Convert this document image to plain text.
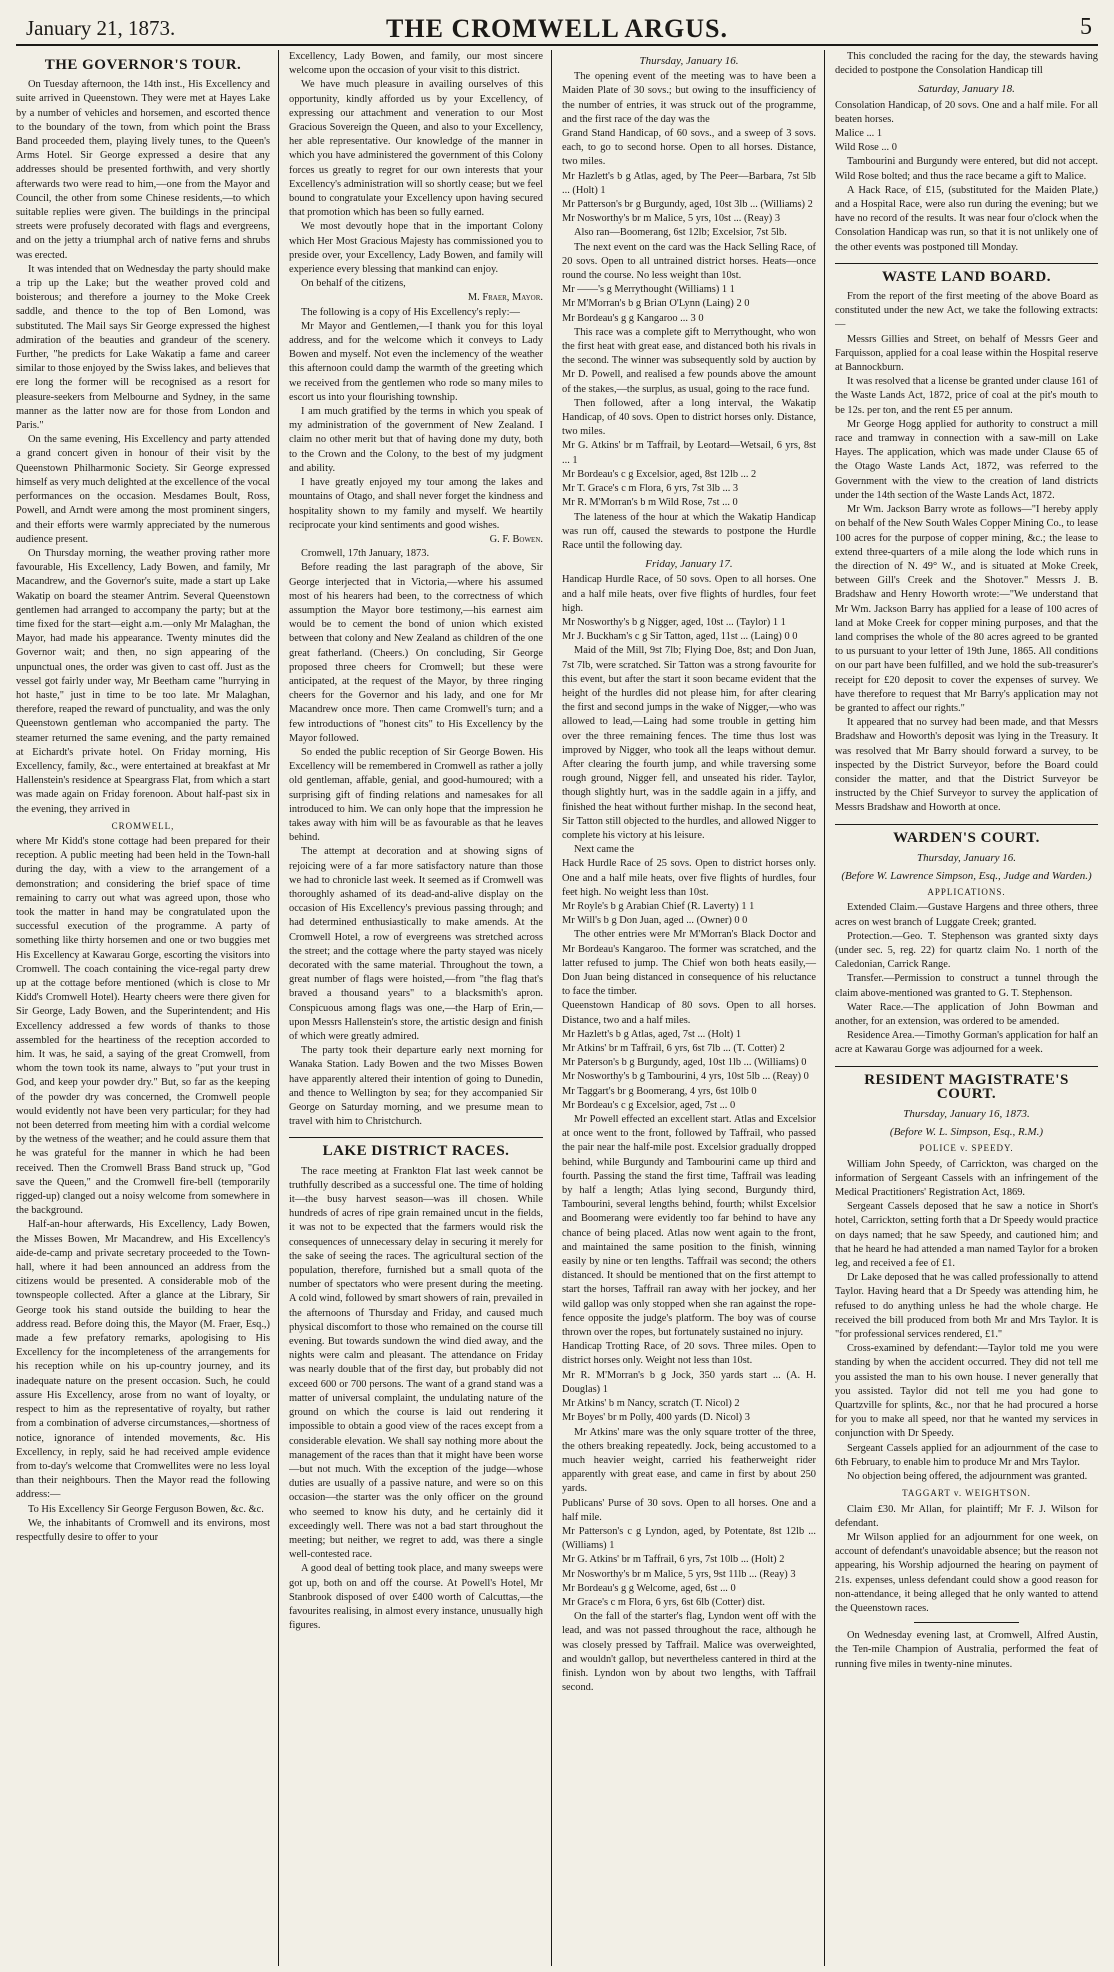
January 21, 1873.	THE CROMWELL ARGUS.	5
THE GOVERNOR'S TOUR.

On Tuesday afternoon, the 14th inst., His Excellency and suite arrived in Queenstown. They were met at Hayes Lake by a number of vehicles and horsemen, and escorted thence to the boundary of the town, from which point the Brass Band proceeded them, playing lively tunes, to the Queen's Arms Hotel. Sir George expressed a desire that any addresses should be presented forthwith, and very shortly afterwards two were read to him,—one from the Mayor and Council, the other from some Chinese residents,—to which suitable replies were given. The buildings in the principal streets were profusely decorated with flags and evergreens, and on the jetty a triumphal arch of native ferns and shrubs was erected.

It was intended that on Wednesday the party should make a trip up the Lake; but the weather proved cold and boisterous; and therefore a journey to the Moke Creek saddle, and thence to the top of Ben Lomond, was substituted. The Mail says Sir George expressed the highest admiration of the beauties and grandeur of the scenery. Further, "he predicts for Lake Wakatip a fame and career similar to those enjoyed by the Swiss lakes, and believes that ere long the former will be recognised as a resort for pleasure-seekers from Melbourne and Sydney, in the same manner as the latter now are for those from London and Paris."

On the same evening, His Excellency and party attended a grand concert given in honour of their visit by the Queenstown Philharmonic Society. Sir George expressed himself as very much delighted at the excellence of the vocal performances on the occasion. Mesdames Boult, Ross, Powell, and Arndt were among the most prominent singers, and their efforts were warmly appreciated by the numerous audience present.

On Thursday morning, the weather proving rather more favourable, His Excellency, Lady Bowen, and family, Mr Macandrew, and the Governor's suite, made a start up Lake Wakatip on board the steamer Antrim. Several Queenstown gentlemen had arranged to accompany the party; but at the time fixed for the start—eight a.m.—only Mr Malaghan, the Mayor, had made his appearance. Twenty minutes did the Governor wait; and then, no sign appearing of the unpunctual ones, the order was given to cast off. Just as the vessel got fairly under way, Mr Beetham came "hurrying in hot haste," just in time to be too late. Mr Malaghan, therefore, reaped the reward of punctuality, and was the only Queenstown gentleman who accompanied the party. The steamer returned the same evening, and the party remained at Eichardt's private hotel. On Friday morning, His Excellency, family, &c., were entertained at breakfast at Mr Hallenstein's residence at Speargrass Flat, from which a start was made again on Friday forenoon. About half-past six in the evening, they arrived in

CROMWELL,

where Mr Kidd's stone cottage had been prepared for their reception. A public meeting had been held in the Town-hall during the day, with a view to the arrangement of a demonstration; and considering the brief space of time remaining to carry out what was agreed upon, those who took the matter in hand may be congratulated upon the successful execution of the programme. A party of something like thirty horsemen and one or two buggies met His Excellency at Kawarau Gorge, escorting the visitors into Cromwell. The coach containing the vice-regal party drew up at the cottage before mentioned (which is close to Mr Kidd's Cromwell Hotel). Hearty cheers were there given for Sir George, Lady Bowen, and the Superintendent; and His Excellency addressed a few words of thanks to those assembled for the heartiness of the reception accorded to him. It was, he said, a saying of the great Cromwell, from whom the town took its name, always to "put your trust in God, and keep your powder dry." But, so far as the keeping of the powder dry was concerned, the Cromwell people would evidently not have been very particular; for they had not been deterred from meeting him with a cordial welcome by the wetness of the weather; and he could assure them that he was grateful for the manner in which he had been received. Then the Cromwell Brass Band struck up, "God save the Queen," and the Cromwell fire-bell (temporarily rigged-up) clanged out a noisy welcome from somewhere in the background.

Half-an-hour afterwards, His Excellency, Lady Bowen, the Misses Bowen, Mr Macandrew, and His Excellency's aide-de-camp and private secretary proceeded to the Town-hall, where it had been announced an address from the citizens would be presented. A considerable mob of the townspeople collected. After a glance at the Library, Sir George took his stand outside the building to hear the address read. Before doing this, the Mayor (M. Fraer, Esq.,) made a few prefatory remarks, apologising to His Excellency for the incompleteness of the arrangements for his reception while on his up-country journey, and its inadequate nature on the present occasion. Such, he could assure His Excellency, arose from no want of loyalty, or respect to him as the representative of royalty, but rather from a combination of adverse circumstances,—shortness of notice, ignorance of intended movements, &c. His Excellency, in reply, said he had received ample evidence from to-day's welcome that Cromwellites were no less loyal than their neighbours. Then the Mayor read the following address:—

To His Excellency Sir George Ferguson Bowen, &c. &c.

We, the inhabitants of Cromwell and its environs, most respectfully desire to offer to your

Excellency, Lady Bowen, and family, our most sincere welcome upon the occasion of your visit to this district.

We have much pleasure in availing ourselves of this opportunity, kindly afforded us by your Excellency, of expressing our attachment and veneration to our Most Gracious Sovereign the Queen, and also to your Excellency, her able representative. Our knowledge of the manner in which you have administered the government of this Colony forces us greatly to regret for our own interests that your Excellency's administration will so shortly cease; but we feel bound to congratulate your Excellency upon having secured that promotion which has been so fully earned.

We most devoutly hope that in the important Colony which Her Most Gracious Majesty has commissioned you to preside over, your Excellency, Lady Bowen, and family will experience every blessing that mankind can enjoy.

On behalf of the citizens,

M. Fraer, Mayor.

The following is a copy of His Excellency's reply:—

Mr Mayor and Gentlemen,—I thank you for this loyal address, and for the welcome which it conveys to Lady Bowen and myself. Not even the inclemency of the weather this afternoon could damp the warmth of the greeting which we received from the gentlemen who rode so many miles to escort us into your flourishing township.

I am much gratified by the terms in which you speak of my administration of the government of New Zealand. I claim no other merit but that of having done my duty, both to the Crown and the Colony, to the best of my judgment and ability.

I have greatly enjoyed my tour among the lakes and mountains of Otago, and shall never forget the kindness and hospitality shown to my family and myself. We heartily reciprocate your kind sentiments and good wishes.

G. F. Bowen.

Cromwell, 17th January, 1873.

Before reading the last paragraph of the above, Sir George interjected that in Victoria,—where his assumed most of his hearers had been, to the correctness of which assumption the Mayor bore testimony,—his earnest aim would be to cement the bond of union which existed between that colony and New Zealand as children of the one great fatherland. (Cheers.) On concluding, Sir George proposed three cheers for Cromwell; but these were anticipated, at the request of the Mayor, by three ringing cheers for the Governor and his lady, and one for Mr Macandrew once more. Then came Cromwell's turn; and a few introductions of "honest cits" to His Excellency by the Mayor followed.

So ended the public reception of Sir George Bowen. His Excellency will be remembered in Cromwell as rather a jolly old gentleman, affable, genial, and good-humoured; with a surprising gift of finding relations and namesakes for all introduced to him. We can only hope that the impression he takes away with him will be as favourable as that he leaves behind.

The attempt at decoration and at showing signs of rejoicing were of a far more satisfactory nature than those we had to chronicle last week. It seemed as if Cromwell was thoroughly ashamed of its dead-and-alive display on the occasion of His Excellency's previous passing through; and had determined enthusiastically to make amends. At the Cromwell Hotel, a row of evergreens was stretched across the street; and the cottage where the party stayed was nicely decorated with the same material. Throughout the town, a great number of flags were hoisted,—from "the flag that's braved a thousand years" to a blacksmith's apron. Conspicuous among flags was one,—the Harp of Erin,—upon Messrs Hallenstein's store, the artistic design and finish of which were greatly admired.

The party took their departure early next morning for Wanaka Station. Lady Bowen and the two Misses Bowen have apparently altered their intention of going to Dunedin, and thence to Wellington by sea; for they accompanied Sir George on Saturday morning, and we presume mean to travel with him to Christchurch.

LAKE DISTRICT RACES.

The race meeting at Frankton Flat last week cannot be truthfully described as a successful one. The time of holding it—the busy harvest season—was ill chosen. While hundreds of acres of ripe grain remained uncut in the fields, it was not to be expected that the farmers would risk the consequences of unnecessary delay in securing it merely for the sake of seeing the races. The agricultural section of the population, therefore, furnished but a small quota of the number of spectators who were present during the meeting. A cold wind, followed by smart showers of rain, prevailed in the afternoons of Thursday and Friday, and caused much physical discomfort to those who remained on the course till evening. But towards sundown the wind died away, and the nights were calm and pleasant. The attendance on Friday was nearly double that of the first day, but probably did not exceed 600 or 700 persons. The want of a grand stand was a matter of universal complaint, the undulating nature of the ground on which the course is laid out rendering it impossible to obtain a good view of the races except from a considerable elevation. We shall say nothing more about the management of the races than that it might have been worse—but not much. With the exception of the judge—whose duties are usually of a passive nature, and were so on this occasion—the starter was the only officer on the ground who seemed to know his duty, and he certainly did it exceedingly well. There was not a bad start throughout the meeting; but neither, we regret to add, was there a single well-contested race.

A good deal of betting took place, and many sweeps were got up, both on and off the course. At Powell's Hotel, Mr Stanbrook disposed of over £400 worth of Calcuttas,—the favourites realising, in almost every instance, unusually high figures.

Thursday, January 16.

The opening event of the meeting was to have been a Maiden Plate of 30 sovs.; but owing to the insufficiency of the number of entries, it was struck out of the programme, and the first race of the day was the

Grand Stand Handicap, of 60 sovs., and a sweep of 3 sovs. each, to go to second horse. Open to all horses. Distance, two miles.

Mr Hazlett's b g Atlas, aged, by The Peer—Barbara, 7st 5lb ... (Holt) 1

Mr Patterson's br g Burgundy, aged, 10st 3lb ... (Williams) 2

Mr Nosworthy's br m Malice, 5 yrs, 10st ... (Reay) 3

Also ran—Boomerang, 6st 12lb; Excelsior, 7st 5lb.

The next event on the card was the Hack Selling Race, of 20 sovs. Open to all untrained district horses. Heats—once round the course. No less weight than 10st.

Mr ——'s g Merrythought (Williams) 1 1

Mr M'Morran's b g Brian O'Lynn (Laing) 2 0

Mr Bordeau's g g Kangaroo ... 3 0

This race was a complete gift to Merrythought, who won the first heat with great ease, and distanced both his rivals in the second. The winner was subsequently sold by auction by Mr D. Powell, and realised a few pounds above the amount of the stakes,—the surplus, as usual, going to the race fund.

Then followed, after a long interval, the Wakatip Handicap, of 40 sovs. Open to district horses only. Distance, two miles.

Mr G. Atkins' br m Taffrail, by Leotard—Wetsail, 6 yrs, 8st ... 1

Mr Bordeau's c g Excelsior, aged, 8st 12lb ... 2

Mr T. Grace's c m Flora, 6 yrs, 7st 3lb ... 3

Mr R. M'Morran's b m Wild Rose, 7st ... 0

The lateness of the hour at which the Wakatip Handicap was run off, caused the stewards to postpone the Hurdle Race until the following day.

Friday, January 17.

Handicap Hurdle Race, of 50 sovs. Open to all horses. One and a half mile heats, over five flights of hurdles, four feet high.

Mr Nosworthy's b g Nigger, aged, 10st ... (Taylor) 1 1

Mr J. Buckham's c g Sir Tatton, aged, 11st ... (Laing) 0 0

Maid of the Mill, 9st 7lb; Flying Doe, 8st; and Don Juan, 7st 7lb, were scratched. Sir Tatton was a strong favourite for this event, but after the start it soon became evident that the height of the hurdles did not please him, for after clearing the first and second jumps in the wake of Nigger,—who was allowed to lead,—Laing had some trouble in getting him over the three remaining fences. The time thus lost was improved by Nigger, who took all the leaps without demur. After clearing the fourth jump, and while traversing some rough ground, Nigger fell, and unseated his rider. Taylor, though slightly hurt, was in the saddle again in a jiffy, and finished the heat without further mishap. In the second heat, Sir Tatton still objected to the hurdles, and allowed Nigger to complete his victory at his leisure.

Next came the

Hack Hurdle Race of 25 sovs. Open to district horses only. One and a half mile heats, over five flights of hurdles, four feet high. No weight less than 10st.

Mr Royle's b g Arabian Chief (R. Laverty) 1 1

Mr Will's b g Don Juan, aged ... (Owner) 0 0

The other entries were Mr M'Morran's Black Doctor and Mr Bordeau's Kangaroo. The former was scratched, and the latter refused to jump. The Chief won both heats easily,—Don Juan being distanced in consequence of his reluctance to face the timber.

Queenstown Handicap of 80 sovs. Open to all horses. Distance, two and a half miles.

Mr Hazlett's b g Atlas, aged, 7st ... (Holt) 1

Mr Atkins' br m Taffrail, 6 yrs, 6st 7lb ... (T. Cotter) 2

Mr Paterson's b g Burgundy, aged, 10st 1lb ... (Williams) 0

Mr Nosworthy's b g Tambourini, 4 yrs, 10st 5lb ... (Reay) 0

Mr Taggart's br g Boomerang, 4 yrs, 6st 10lb 0

Mr Bordeau's c g Excelsior, aged, 7st ... 0

Mr Powell effected an excellent start. Atlas and Excelsior at once went to the front, followed by Taffrail, who passed the pair near the half-mile post. Excelsior gradually dropped behind, while Burgundy and Tambourini came up third and fourth. Passing the stand the first time, Taffrail was leading by half a length; Atlas lying second, Burgundy third, Tambourini, several lengths behind, fourth; whilst Excelsior and Boomerang were evidently too far behind to have any chance of being placed. Atlas now went again to the front, and maintained the same position to the finish, winning easily by nine or ten lengths. Taffrail was second; the others distanced. It should be mentioned that on the first attempt to start the horses, Taffrail ran away with her jockey, and her wild gallop was only stopped when she ran against the rope-fence opposite the judge's platform. The boy was of course thrown over the ropes, but fortunately sustained no injury.

Handicap Trotting Race, of 20 sovs. Three miles. Open to district horses only. Weight not less than 10st.

Mr R. M'Morran's b g Jock, 350 yards start ... (A. H. Douglas) 1

Mr Atkins' b m Nancy, scratch (T. Nicol) 2

Mr Boyes' br m Polly, 400 yards (D. Nicol) 3

Mr Atkins' mare was the only square trotter of the three, the others breaking repeatedly. Jock, being accustomed to a much heavier weight, carried his featherweight rider apparently with great ease, and came in first by about 250 yards.

Publicans' Purse of 30 sovs. Open to all horses. One and a half mile.

Mr Patterson's c g Lyndon, aged, by Potentate, 8st 12lb ... (Williams) 1

Mr G. Atkins' br m Taffrail, 6 yrs, 7st 10lb ... (Holt) 2

Mr Nosworthy's br m Malice, 5 yrs, 9st 11lb ... (Reay) 3

Mr Bordeau's g g Welcome, aged, 6st ... 0

Mr Grace's c m Flora, 6 yrs, 6st 6lb (Cotter) dist.

On the fall of the starter's flag, Lyndon went off with the lead, and was not passed throughout the race, although he was closely pressed by Taffrail. Malice was overweighted, and wouldn't gallop, but nevertheless cantered in third at the finish. Lyndon won by about two lengths, with Taffrail second.

This concluded the racing for the day, the stewards having decided to postpone the Consolation Handicap till

Saturday, January 18.

Consolation Handicap, of 20 sovs. One and a half mile. For all beaten horses.

Malice ... 1

Wild Rose ... 0

Tambourini and Burgundy were entered, but did not accept. Wild Rose bolted; and thus the race became a gift to Malice.

A Hack Race, of £15, (substituted for the Maiden Plate,) and a Hospital Race, were also run during the evening; but we have no record of the results. It was near four o'clock when the Consolation Handicap was run, so that it is not unlikely one of the other events was postponed till Monday.

WASTE LAND BOARD.

From the report of the first meeting of the above Board as constituted under the new Act, we take the following extracts:—

Messrs Gillies and Street, on behalf of Messrs Geer and Farquisson, applied for a coal lease within the Hospital reserve at Bannockburn.

It was resolved that a license be granted under clause 161 of the Waste Lands Act, 1872, price of coal at the pit's mouth to be 12s. per ton, and the rent £5 per annum.

Mr George Hogg applied for authority to construct a mill race and tramway in connection with a saw-mill on Lake Hayes. The application, which was made under Clause 65 of the Otago Waste Lands Act, 1872, was referred to the Government with the view to the creation of land districts under the 14th section of the Waste Lands Act, 1872.

Mr Wm. Jackson Barry wrote as follows—"I hereby apply on behalf of the New South Wales Copper Mining Co., to lease 100 acres for the purpose of copper mining, &c.; the lease to extend three-quarters of a mile along the lode which runs in the direction of N. 49° W., and is situated at Moke Creek, between Gill's Creek and the Shotover." Messrs J. B. Bradshaw and Henry Howorth wrote:—"We understand that Mr Wm. Jackson Barry has applied for a lease of 100 acres of land at Moke Creek for copper mining purposes, and that the land comprises the whole of the 80 acres agreed to be granted to us pursuant to your letter of 19th June, 1865. All conditions on our part have been fulfilled, and we hold the sub-treasurer's receipt for £20 deposit to cover the expenses of survey. We have therefore to request that Mr Barry's application may not be granted to affect our rights."

It appeared that no survey had been made, and that Messrs Bradshaw and Howorth's deposit was lying in the Treasury. It was resolved that Mr Barry should forward a survey, to be inspected by the District Surveyor, before the Board could consider the matter, and that the District Surveyor be instructed by the Chief Surveyor to survey the application of Messrs Bradshaw and Howorth at once.

WARDEN'S COURT.
Thursday, January 16.
(Before W. Lawrence Simpson, Esq., Judge and Warden.)
APPLICATIONS.

Extended Claim.—Gustave Hargens and three others, three acres on west branch of Luggate Creek; granted.

Protection.—Geo. T. Stephenson was granted sixty days (under sec. 5, reg. 22) for quartz claim No. 1 north of the Caledonian, Carrick Range.

Transfer.—Permission to construct a tunnel through the claim above-mentioned was granted to G. T. Stephenson.

Water Race.—The application of John Bowman and another, for an extension, was ordered to be amended.

Residence Area.—Timothy Gorman's application for half an acre at Kawarau Gorge was adjourned for a week.

RESIDENT MAGISTRATE'S COURT.
Thursday, January 16, 1873.
(Before W. L. Simpson, Esq., R.M.)
POLICE v. SPEEDY.

William John Speedy, of Carrickton, was charged on the information of Sergeant Cassels with an infringement of the Medical Practitioners' Registration Act, 1869.

Sergeant Cassels deposed that he saw a notice in Short's hotel, Carrickton, setting forth that a Dr Speedy would practice on days named; that he saw Speedy, and cautioned him; and that he heard he had attended a man named Taylor for a broken leg, and received a fee of £1.

Dr Lake deposed that he was called professionally to attend Taylor. Having heard that a Dr Speedy was attending him, he refused to do anything unless he had the whole charge. He received the bill produced from both Mr and Mrs Taylor. It is "for professional services rendered, £1."

Cross-examined by defendant:—Taylor told me you were standing by when the accident occurred. They did not tell me you assisted the man to his own house. I never generally that you assisted. Taylor did not tell me you had gone to Quartzville for splints, &c., nor that he had procured a horse for you to make all speed, nor that he wanted my services in conjunction with Dr Speedy.

Sergeant Cassels applied for an adjournment of the case to 6th February, to enable him to produce Mr and Mrs Taylor.

No objection being offered, the adjournment was granted.

TAGGART v. WEIGHTSON.

Claim £30. Mr Allan, for plaintiff; Mr F. J. Wilson for defendant.

Mr Wilson applied for an adjournment for one week, on account of defendant's unavoidable absence; but the reason not appearing, his Worship adjourned the hearing on payment of 21s. expenses, unless defendant could show a good reason for non-attendance, it being alleged that he only wanted to attend the Queenstown races.

On Wednesday evening last, at Cromwell, Alfred Austin, the Ten-mile Champion of Australia, performed the feat of running five miles in twenty-nine minutes.
